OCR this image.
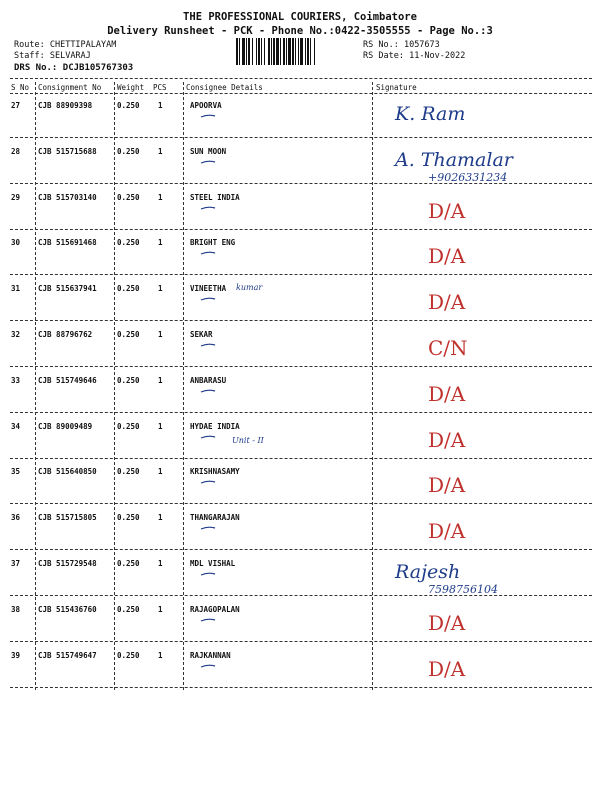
THE PROFESSIONAL COURIERS, Coimbatore
Delivery Runsheet - PCK - Phone No.:0422-3505555 - Page No.:3
Route: CHETTIPALAYAM
Staff: SELVARAJ
DRS No.: DCJB105767303
RS No.: 1057673
RS Date: 11-Nov-2022
S No Consignment No Weight PCS	Consignee Details	Signature
27 CJB 88909398	0.250 1	APOORVA	K. Ram
28 CJB 515715688	0.250 1	SUN MOON	A. Thamalar
+9026331234
29 CJB 515703140	0.250 1	STEEL INDIA
D/A
30 CJB 515691468	0.250 1	BRIGHT ENG
D/A
31 CJB 515637941	0.250 1	VINEETHA kumar
D/A
32 CJB 88796762	0.250 1	SEKAR
C/N
33 CJB 515749646	0.250 1	ANBARASU
D/A
34 CJB 89009489	0.250 1	HYDAE INDIA
Unit - II	D/A
35 CJB 515640850	0.250 1	KRISHNASAMY
D/A
36 CJB 515715805	0.250 1	THANGARAJAN
D/A
37 CJB 515729548	0.250 1	MDL VISHAL	Rajesh
7598756104
38 CJB 515436760	0.250 1	RAJAGOPALAN
D/A
39 CJB 515749647	0.250 1	RAJKANNAN
D/A
